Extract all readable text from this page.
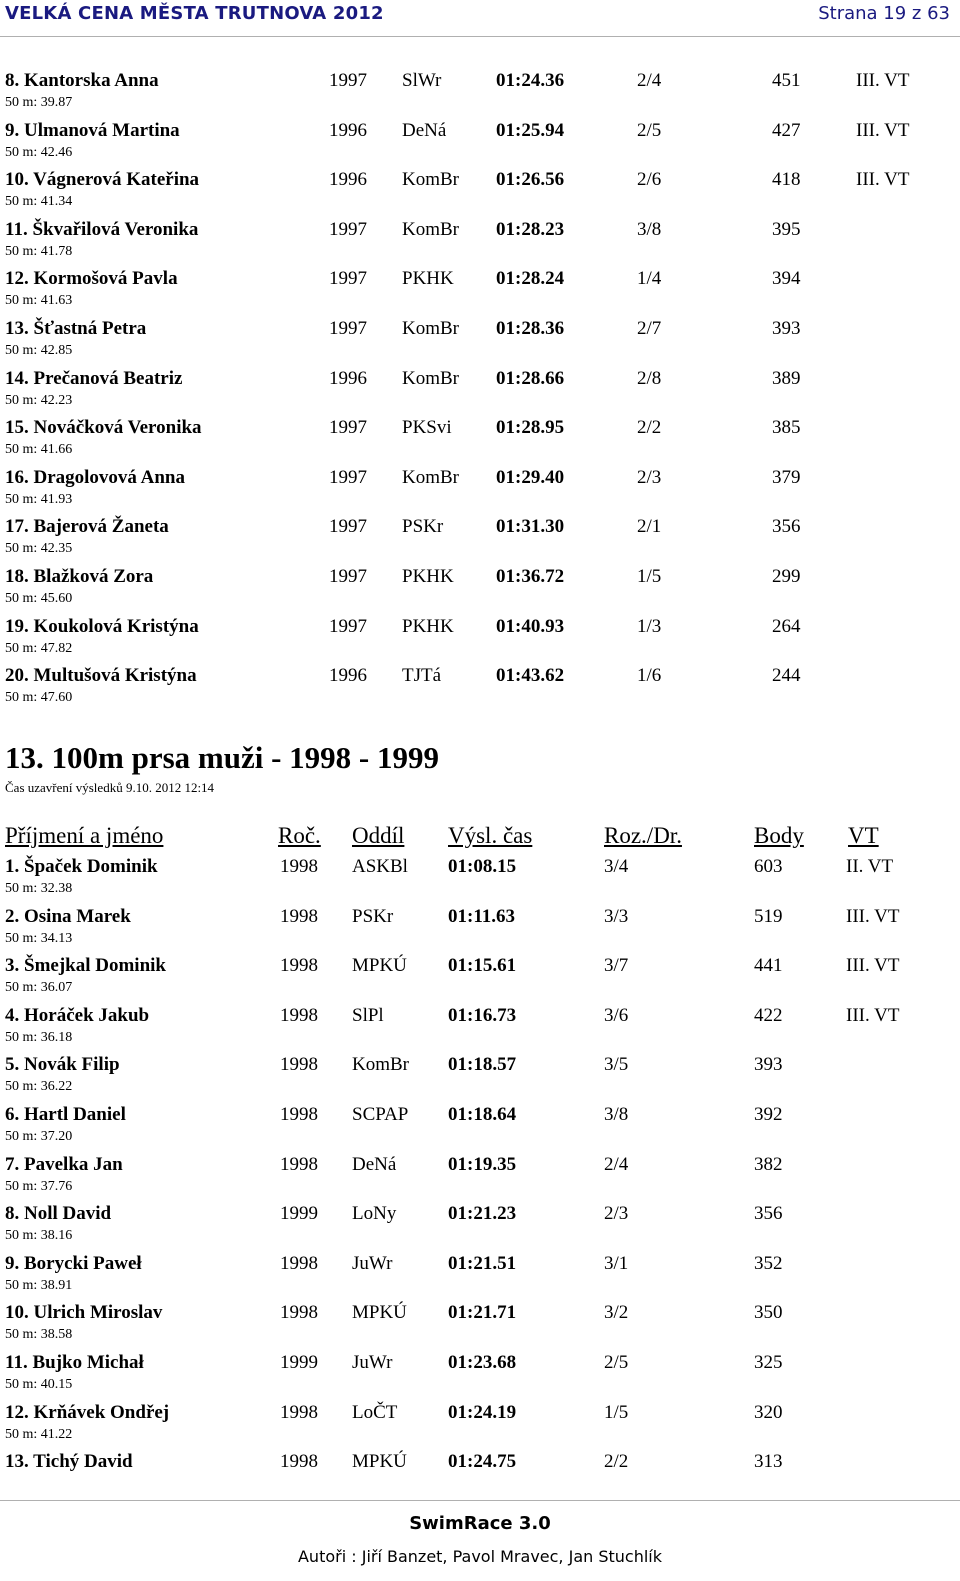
VELKÁ CENA MĚSTA TRUTNOVA 2012	Strana 19 z 63
8. Kantorska Anna	1997 SlWr	01:24.36	2/4	451	III. VT
50 m: 39.87
9. Ulmanová Martina	1996 DeNá	01:25.94	2/5	427	III. VT
50 m: 42.46
10. Vágnerová Kateřina	1996 KomBr 01:26.56	2/6	418	III. VT
50 m: 41.34
11. Škvařilová Veronika	1997 KomBr 01:28.23	3/8	395
50 m: 41.78
12. Kormošová Pavla	1997 PKHK 01:28.24	1/4	394
50 m: 41.63
13. Šťastná Petra	1997 KomBr 01:28.36	2/7	393
50 m: 42.85
14. Prečanová Beatriz	1996 KomBr 01:28.66	2/8	389
50 m: 42.23
15. Nováčková Veronika	1997 PKSvi 01:28.95	2/2	385
50 m: 41.66
16. Dragolovová Anna	1997 KomBr 01:29.40	2/3	379
50 m: 41.93
17. Bajerová Žaneta	1997 PSKr	01:31.30	2/1	356
50 m: 42.35
18. Blažková Zora	1997 PKHK 01:36.72	1/5	299
50 m: 45.60
19. Koukolová Kristýna	1997 PKHK 01:40.93	1/3	264
50 m: 47.82
20. Multušová Kristýna	1996 TJTá	01:43.62	1/6	244
50 m: 47.60
13. 100m prsa muži - 1998 - 1999
Čas uzavření výsledků 9.10. 2012 12:14
Příjmení a jméno	Roč. Oddíl Výsl. čas	Roz./Dr.	Body VT
1. Špaček Dominik	1998 ASKBl 01:08.15	3/4	603	II. VT
50 m: 32.38
2. Osina Marek	1998 PSKr	01:11.63	3/3	519	III. VT
50 m: 34.13
3. Šmejkal Dominik	1998 MPKÚ 01:15.61	3/7	441	III. VT
50 m: 36.07
4. Horáček Jakub	1998 SlPl	01:16.73	3/6	422	III. VT
50 m: 36.18
5. Novák Filip	1998 KomBr 01:18.57	3/5	393
50 m: 36.22
6. Hartl Daniel	1998 SCPAP 01:18.64	3/8	392
50 m: 37.20
7. Pavelka Jan	1998 DeNá	01:19.35	2/4	382
50 m: 37.76
8. Noll David	1999 LoNy	01:21.23	2/3	356
50 m: 38.16
9. Borycki Paweł	1998 JuWr	01:21.51	3/1	352
50 m: 38.91
10. Ulrich Miroslav	1998 MPKÚ 01:21.71	3/2	350
50 m: 38.58
11. Bujko Michał	1999 JuWr	01:23.68	2/5	325
50 m: 40.15
12. Krňávek Ondřej	1998 LoČT	01:24.19	1/5	320
50 m: 41.22
13. Tichý David	1998 MPKÚ 01:24.75	2/2	313
SwimRace 3.0
Autoři : Jiří Banzet, Pavol Mravec, Jan Stuchlík
